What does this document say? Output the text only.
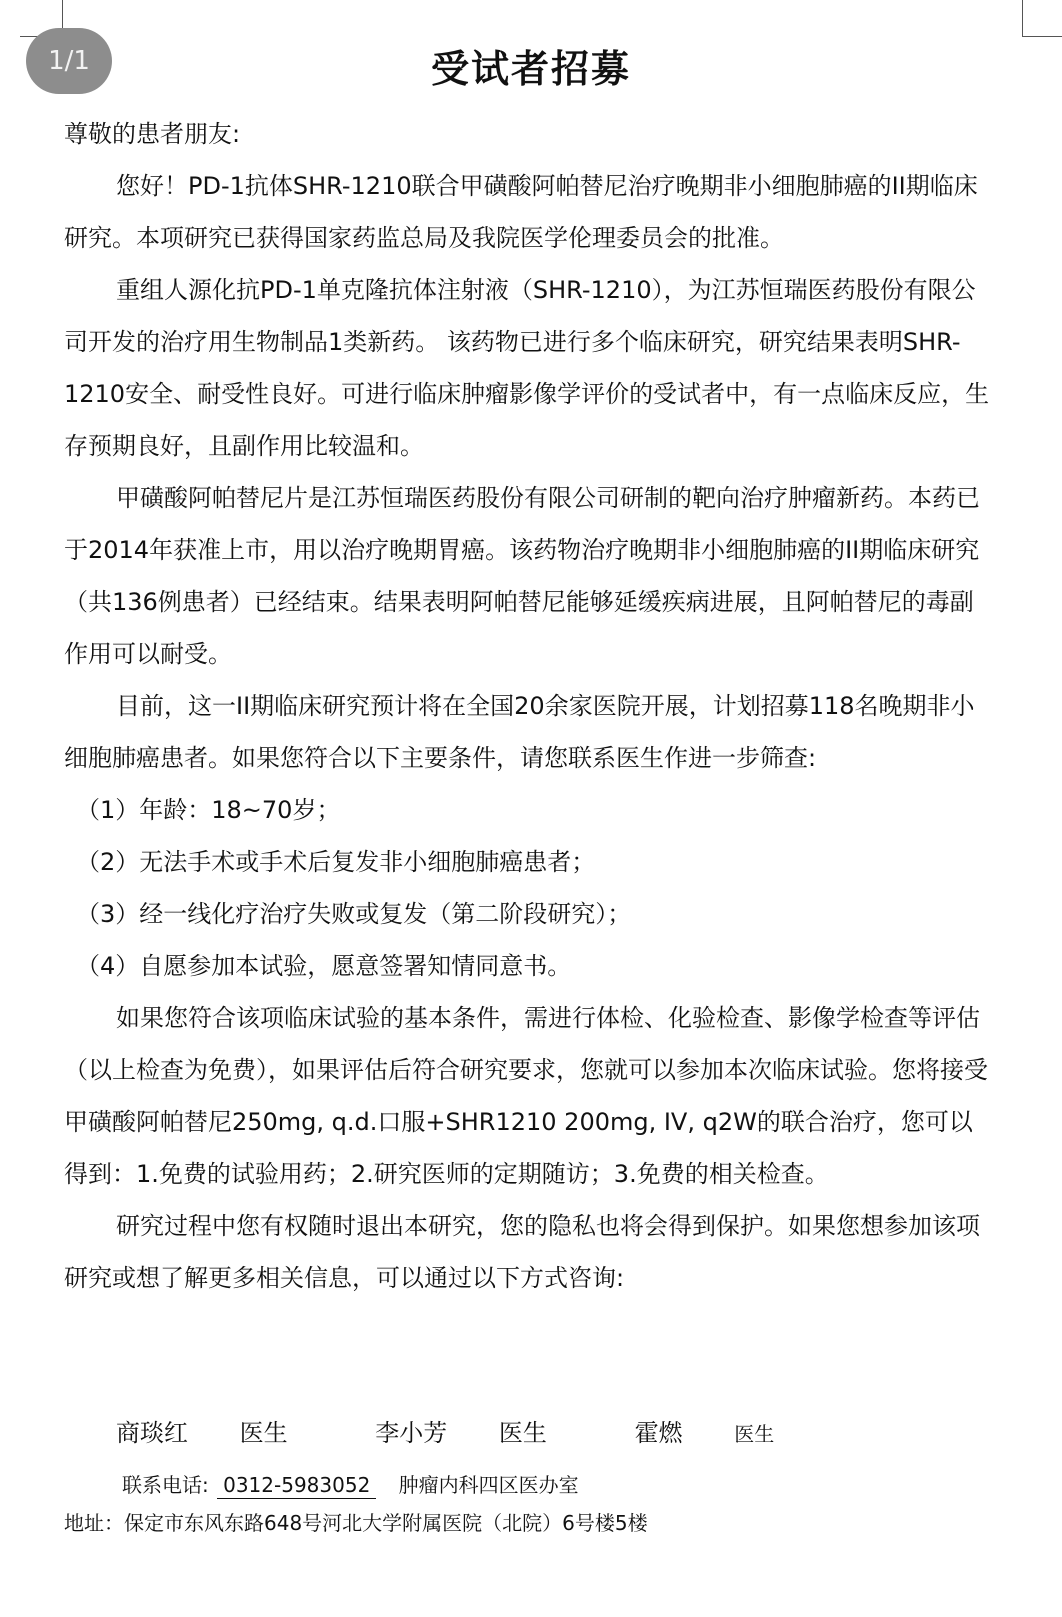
1/1	受试者招募

尊敬的患者朋友:

您好！PD-1抗体SHR-1210联合甲磺酸阿帕替尼治疗晚期非小细胞肺癌的II期临床研究。本项研究已获得国家药监总局及我院医学伦理委员会的批准。

重组人源化抗PD-1单克隆抗体注射液（SHR-1210），为江苏恒瑞医药股份有限公司开发的治疗用生物制品1类新药。 该药物已进行多个临床研究，研究结果表明SHR-1210安全、耐受性良好。可进行临床肿瘤影像学评价的受试者中，有一点临床反应，生存预期良好，且副作用比较温和。

甲磺酸阿帕替尼片是江苏恒瑞医药股份有限公司研制的靶向治疗肿瘤新药。本药已于2014年获准上市，用以治疗晚期胃癌。该药物治疗晚期非小细胞肺癌的II期临床研究（共136例患者）已经结束。结果表明阿帕替尼能够延缓疾病进展，且阿帕替尼的毒副作用可以耐受。

目前，这一II期临床研究预计将在全国20余家医院开展，计划招募118名晚期非小细胞肺癌患者。如果您符合以下主要条件，请您联系医生作进一步筛查:

（1）年龄：18~70岁；

（2）无法手术或手术后复发非小细胞肺癌患者；

（3）经一线化疗治疗失败或复发（第二阶段研究）；

（4）自愿参加本试验，愿意签署知情同意书。

如果您符合该项临床试验的基本条件，需进行体检、化验检查、影像学检查等评估（以上检查为免费），如果评估后符合研究要求，您就可以参加本次临床试验。您将接受甲磺酸阿帕替尼250mg, q.d.口服+SHR1210 200mg, IV, q2W的联合治疗，您可以得到：1.免费的试验用药；2.研究医师的定期随访；3.免费的相关检查。

研究过程中您有权随时退出本研究，您的隐私也将会得到保护。如果您想参加该项研究或想了解更多相关信息，可以通过以下方式咨询:

商琰红 医生	李小芳 医生	霍燃	医生
联系电话: 0312-5983052 肿瘤内科四区医办室
地址：保定市东风东路648号河北大学附属医院（北院）6号楼5楼
